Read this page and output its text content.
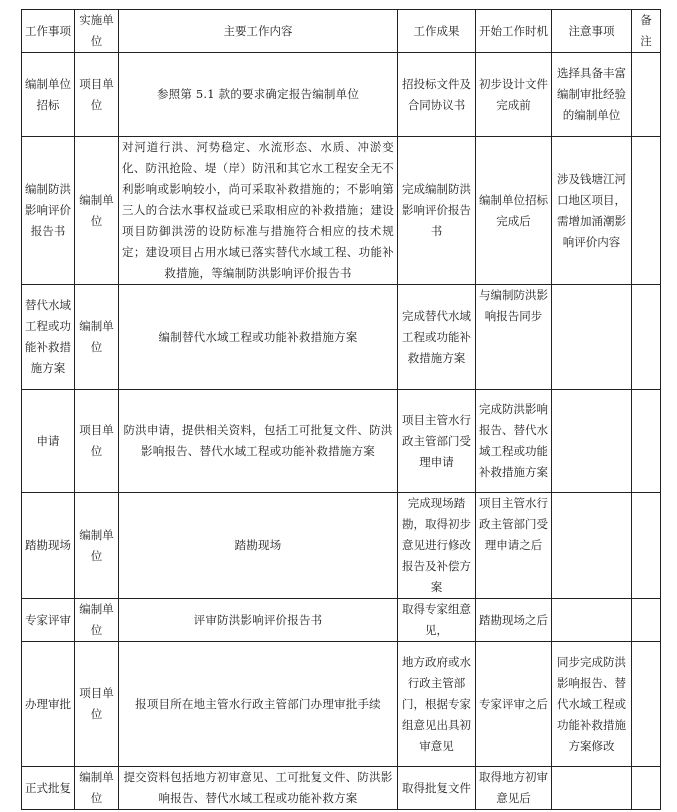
工作事项	实施单位	主要工作内容	工作成果	开始工作时机	注意事项	备注
编制单位招标	项目单位	参照第 5.1 款的要求确定报告编制单位	招投标文件及合同协议书	初步设计文件完成前	选择具备丰富编制审批经验的编制单位	
编制防洪影响评价报告书	编制单位	对河道行洪、河势稳定、水流形态、水质、冲淤变化、防汛抢险、堤（岸）防汛和其它水工程安全无不利影响或影响较小，尚可采取补救措施的；不影响第三人的合法水事权益或已采取相应的补救措施；建设项目防御洪涝的设防标准与措施符合相应的技术规定；建设项目占用水域已落实替代水域工程、功能补救措施，等编制防洪影响评价报告书	完成编制防洪影响评价报告书	编制单位招标完成后	涉及钱塘江河口地区项目，需增加涌潮影响评价内容	
替代水域工程或功能补救措施方案	编制单位	编制替代水域工程或功能补救措施方案	完成替代水域工程或功能补救措施方案	与编制防洪影响报告同步		
申请	项目单位	防洪申请，提供相关资料，包括工可批复文件、防洪影响报告、替代水域工程或功能补救措施方案	项目主管水行政主管部门受理申请	完成防洪影响报告、替代水域工程或功能补救措施方案		
踏勘现场	编制单位	踏勘现场	完成现场踏勘，取得初步意见进行修改报告及补偿方案	项目主管水行政主管部门受理申请之后		
专家评审	编制单位	评审防洪影响评价报告书	取得专家组意见，	踏勘现场之后		
办理审批	项目单位	报项目所在地主管水行政主管部门办理审批手续	地方政府或水行政主管部门，根据专家组意见出具初审意见	专家评审之后	同步完成防洪影响报告、替代水域工程或功能补救措施方案修改	
正式批复	编制单位	提交资料包括地方初审意见、工可批复文件、防洪影响报告、替代水域工程或功能补救方案	取得批复文件	取得地方初审意见后		
